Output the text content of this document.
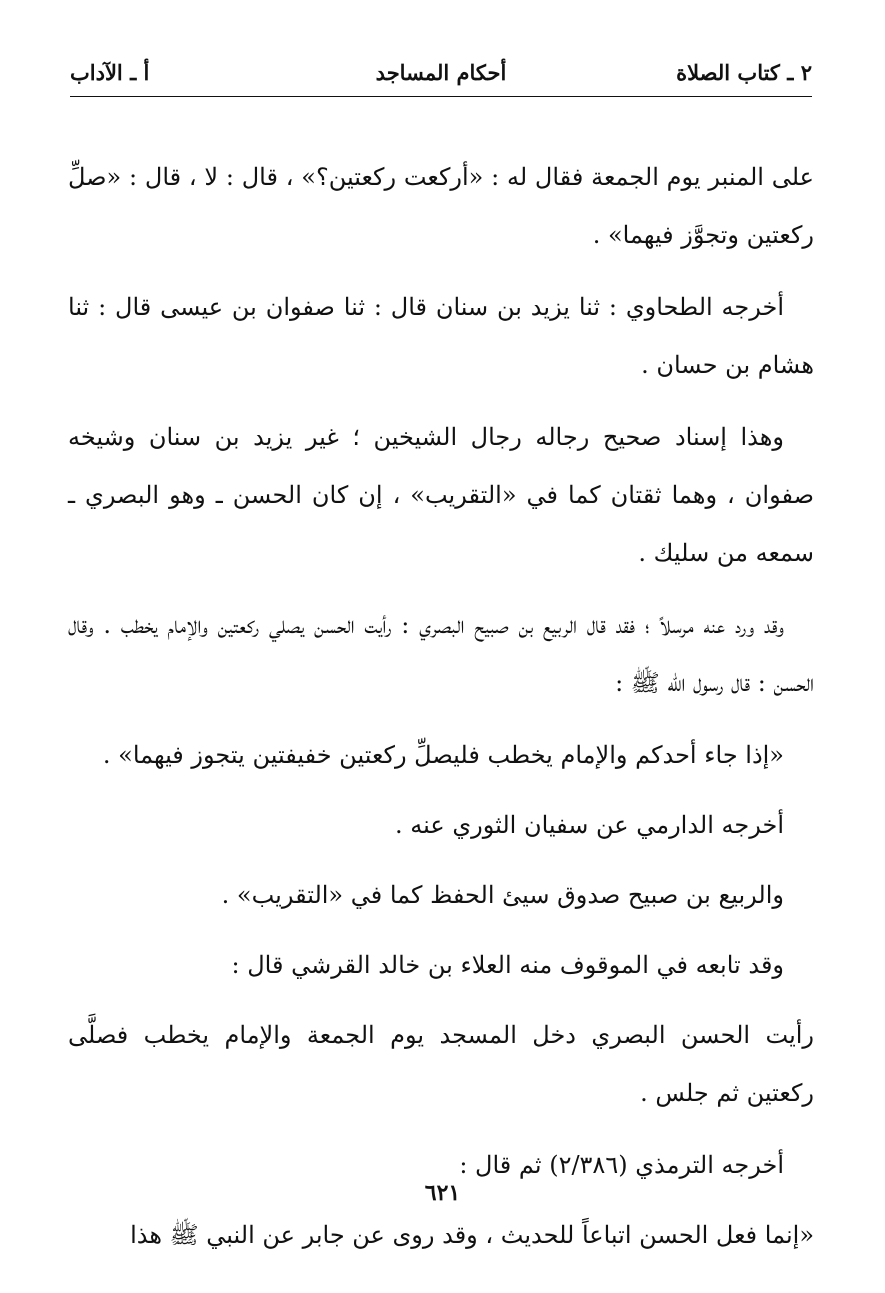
٢ ـ كتاب الصلاة
أحكام المساجد
أ ـ الآداب

على المنبر يوم الجمعة فقال له : «أركعت ركعتين؟» ، قال : لا ، قال : «صلِّ ركعتين وتجوَّز فيهما» .

أخرجه الطحاوي : ثنا يزيد بن سنان قال : ثنا صفوان بن عيسى قال : ثنا هشام بن حسان .

وهذا إسناد صحيح رجاله رجال الشيخين ؛ غير يزيد بن سنان وشيخه صفوان ، وهما ثقتان كما في «التقريب» ، إن كان الحسن ـ وهو البصري ـ سمعه من سليك .

وقد ورد عنه مرسلاً ؛ فقد قال الربيع بن صبيح البصري : رأيت الحسن يصلي ركعتين والإمام يخطب . وقال الحسن : قال رسول الله ﷺ :

«إذا جاء أحدكم والإمام يخطب فليصلِّ ركعتين خفيفتين يتجوز فيهما» .

أخرجه الدارمي عن سفيان الثوري عنه .

والربيع بن صبيح صدوق سيئ الحفظ كما في «التقريب» .

وقد تابعه في الموقوف منه العلاء بن خالد القرشي قال :

رأيت الحسن البصري دخل المسجد يوم الجمعة والإمام يخطب فصلَّى ركعتين ثم جلس .

أخرجه الترمذي (٢/٣٨٦) ثم قال :

«إنما فعل الحسن اتباعاً للحديث ، وقد روى عن جابر عن النبي ﷺ هذا

٦٢١
